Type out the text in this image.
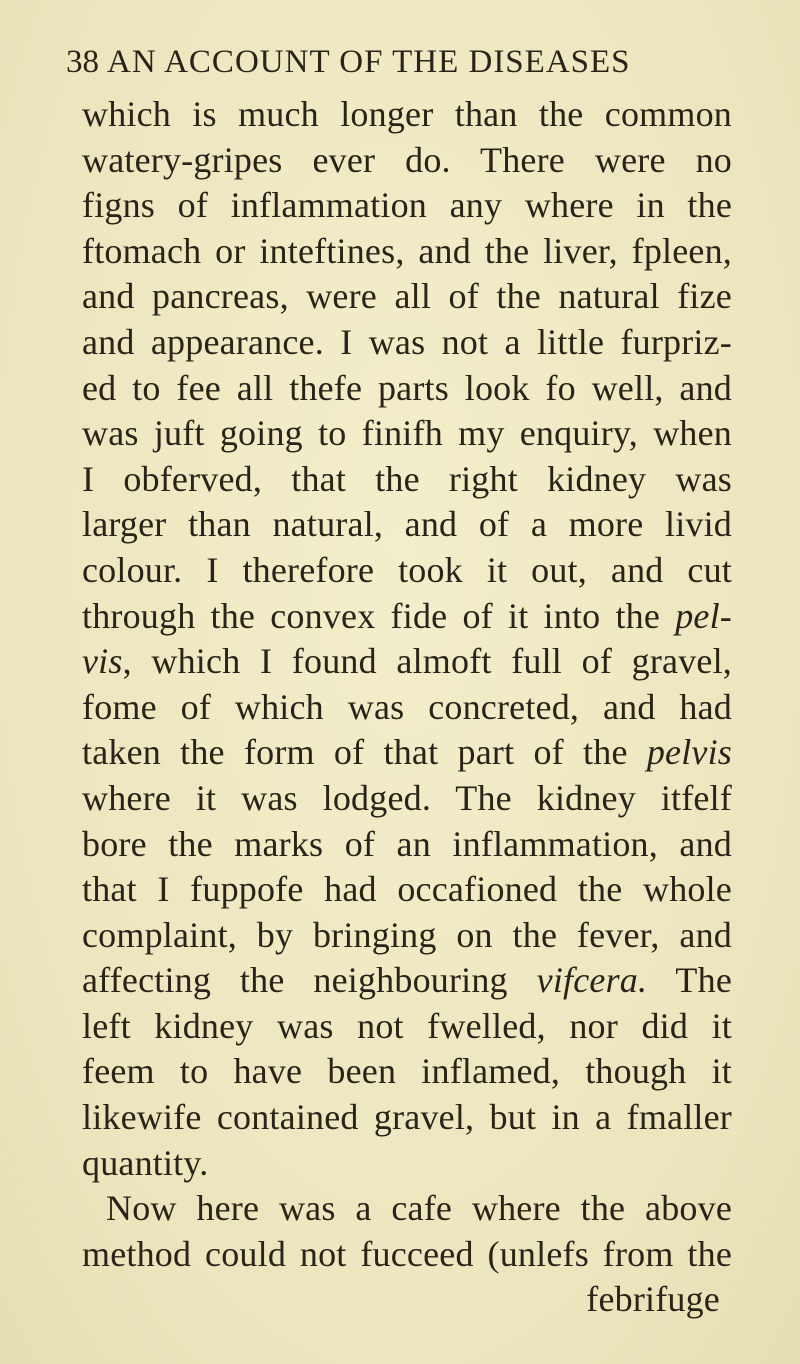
38 AN ACCOUNT OF THE DISEASES
which is much longer than the common
watery-gripes ever do. There were no
figns of inflammation any where in the
ftomach or inteftines, and the liver, fpleen,
and pancreas, were all of the natural fize
and appearance. I was not a little furpriz-
ed to fee all thefe parts look fo well, and
was juft going to finifh my enquiry, when
I obferved, that the right kidney was
larger than natural, and of a more livid
colour. I therefore took it out, and cut
through the convex fide of it into the pel-
vis, which I found almoft full of gravel,
fome of which was concreted, and had
taken the form of that part of the pelvis
where it was lodged. The kidney itfelf
bore the marks of an inflammation, and
that I fuppofe had occafioned the whole
complaint, by bringing on the fever, and
affecting the neighbouring vifcera. The
left kidney was not fwelled, nor did it
feem to have been inflamed, though it
likewife contained gravel, but in a fmaller
quantity.
Now here was a cafe where the above
method could not fucceed (unlefs from the
febrifuge
